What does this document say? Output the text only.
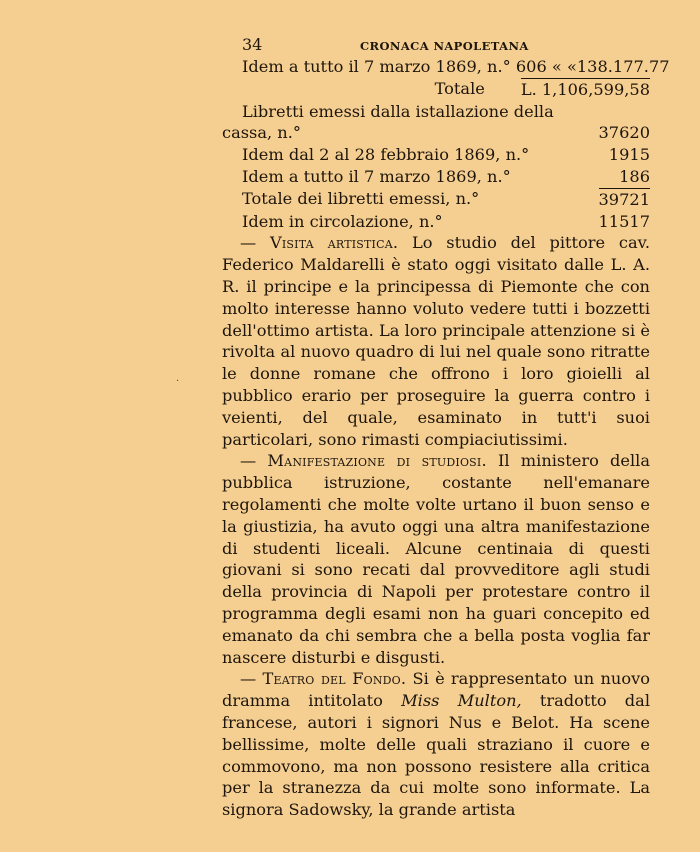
·
34	CRONACA NAPOLETANA
Idem a tutto il 7 marzo 1869, n.° 606 « « 138.177.77
Totale L. 1,106,599,58
Libretti emessi dalla istallazione della
cassa, n.°	37620
Idem dal 2 al 28 febbraio 1869, n.°	1915
Idem a tutto il 7 marzo 1869, n.°	186
Totale dei libretti emessi, n.°	39721
Idem in circolazione, n.°	11517

— Visita artistica. Lo studio del pittore cav. Federico Maldarelli è stato oggi visitato dalle L. A. R. il principe e la principessa di Piemonte che con molto interesse hanno voluto vedere tutti i bozzetti dell'ottimo artista. La loro principale attenzione si è rivolta al nuovo quadro di lui nel quale sono ritratte le donne romane che offrono i loro gioielli al pubblico erario per proseguire la guerra contro i veienti, del quale, esaminato in tutt'i suoi particolari, sono rimasti compiaciutissimi.

— Manifestazione di studiosi. Il ministero della pubblica istruzione, costante nell'emanare regolamenti che molte volte urtano il buon senso e la giustizia, ha avuto oggi una altra manifestazione di studenti liceali. Alcune centinaia di questi giovani si sono recati dal provveditore agli studi della provincia di Napoli per protestare contro il programma degli esami non ha guari concepito ed emanato da chi sembra che a bella posta voglia far nascere disturbi e disgusti.

— Teatro del Fondo. Si è rappresentato un nuovo dramma intitolato Miss Multon, tradotto dal francese, autori i signori Nus e Belot. Ha scene bellissime, molte delle quali straziano il cuore e commovono, ma non possono resistere alla critica per la stranezza da cui molte sono informate. La signora Sadowsky, la grande artista
